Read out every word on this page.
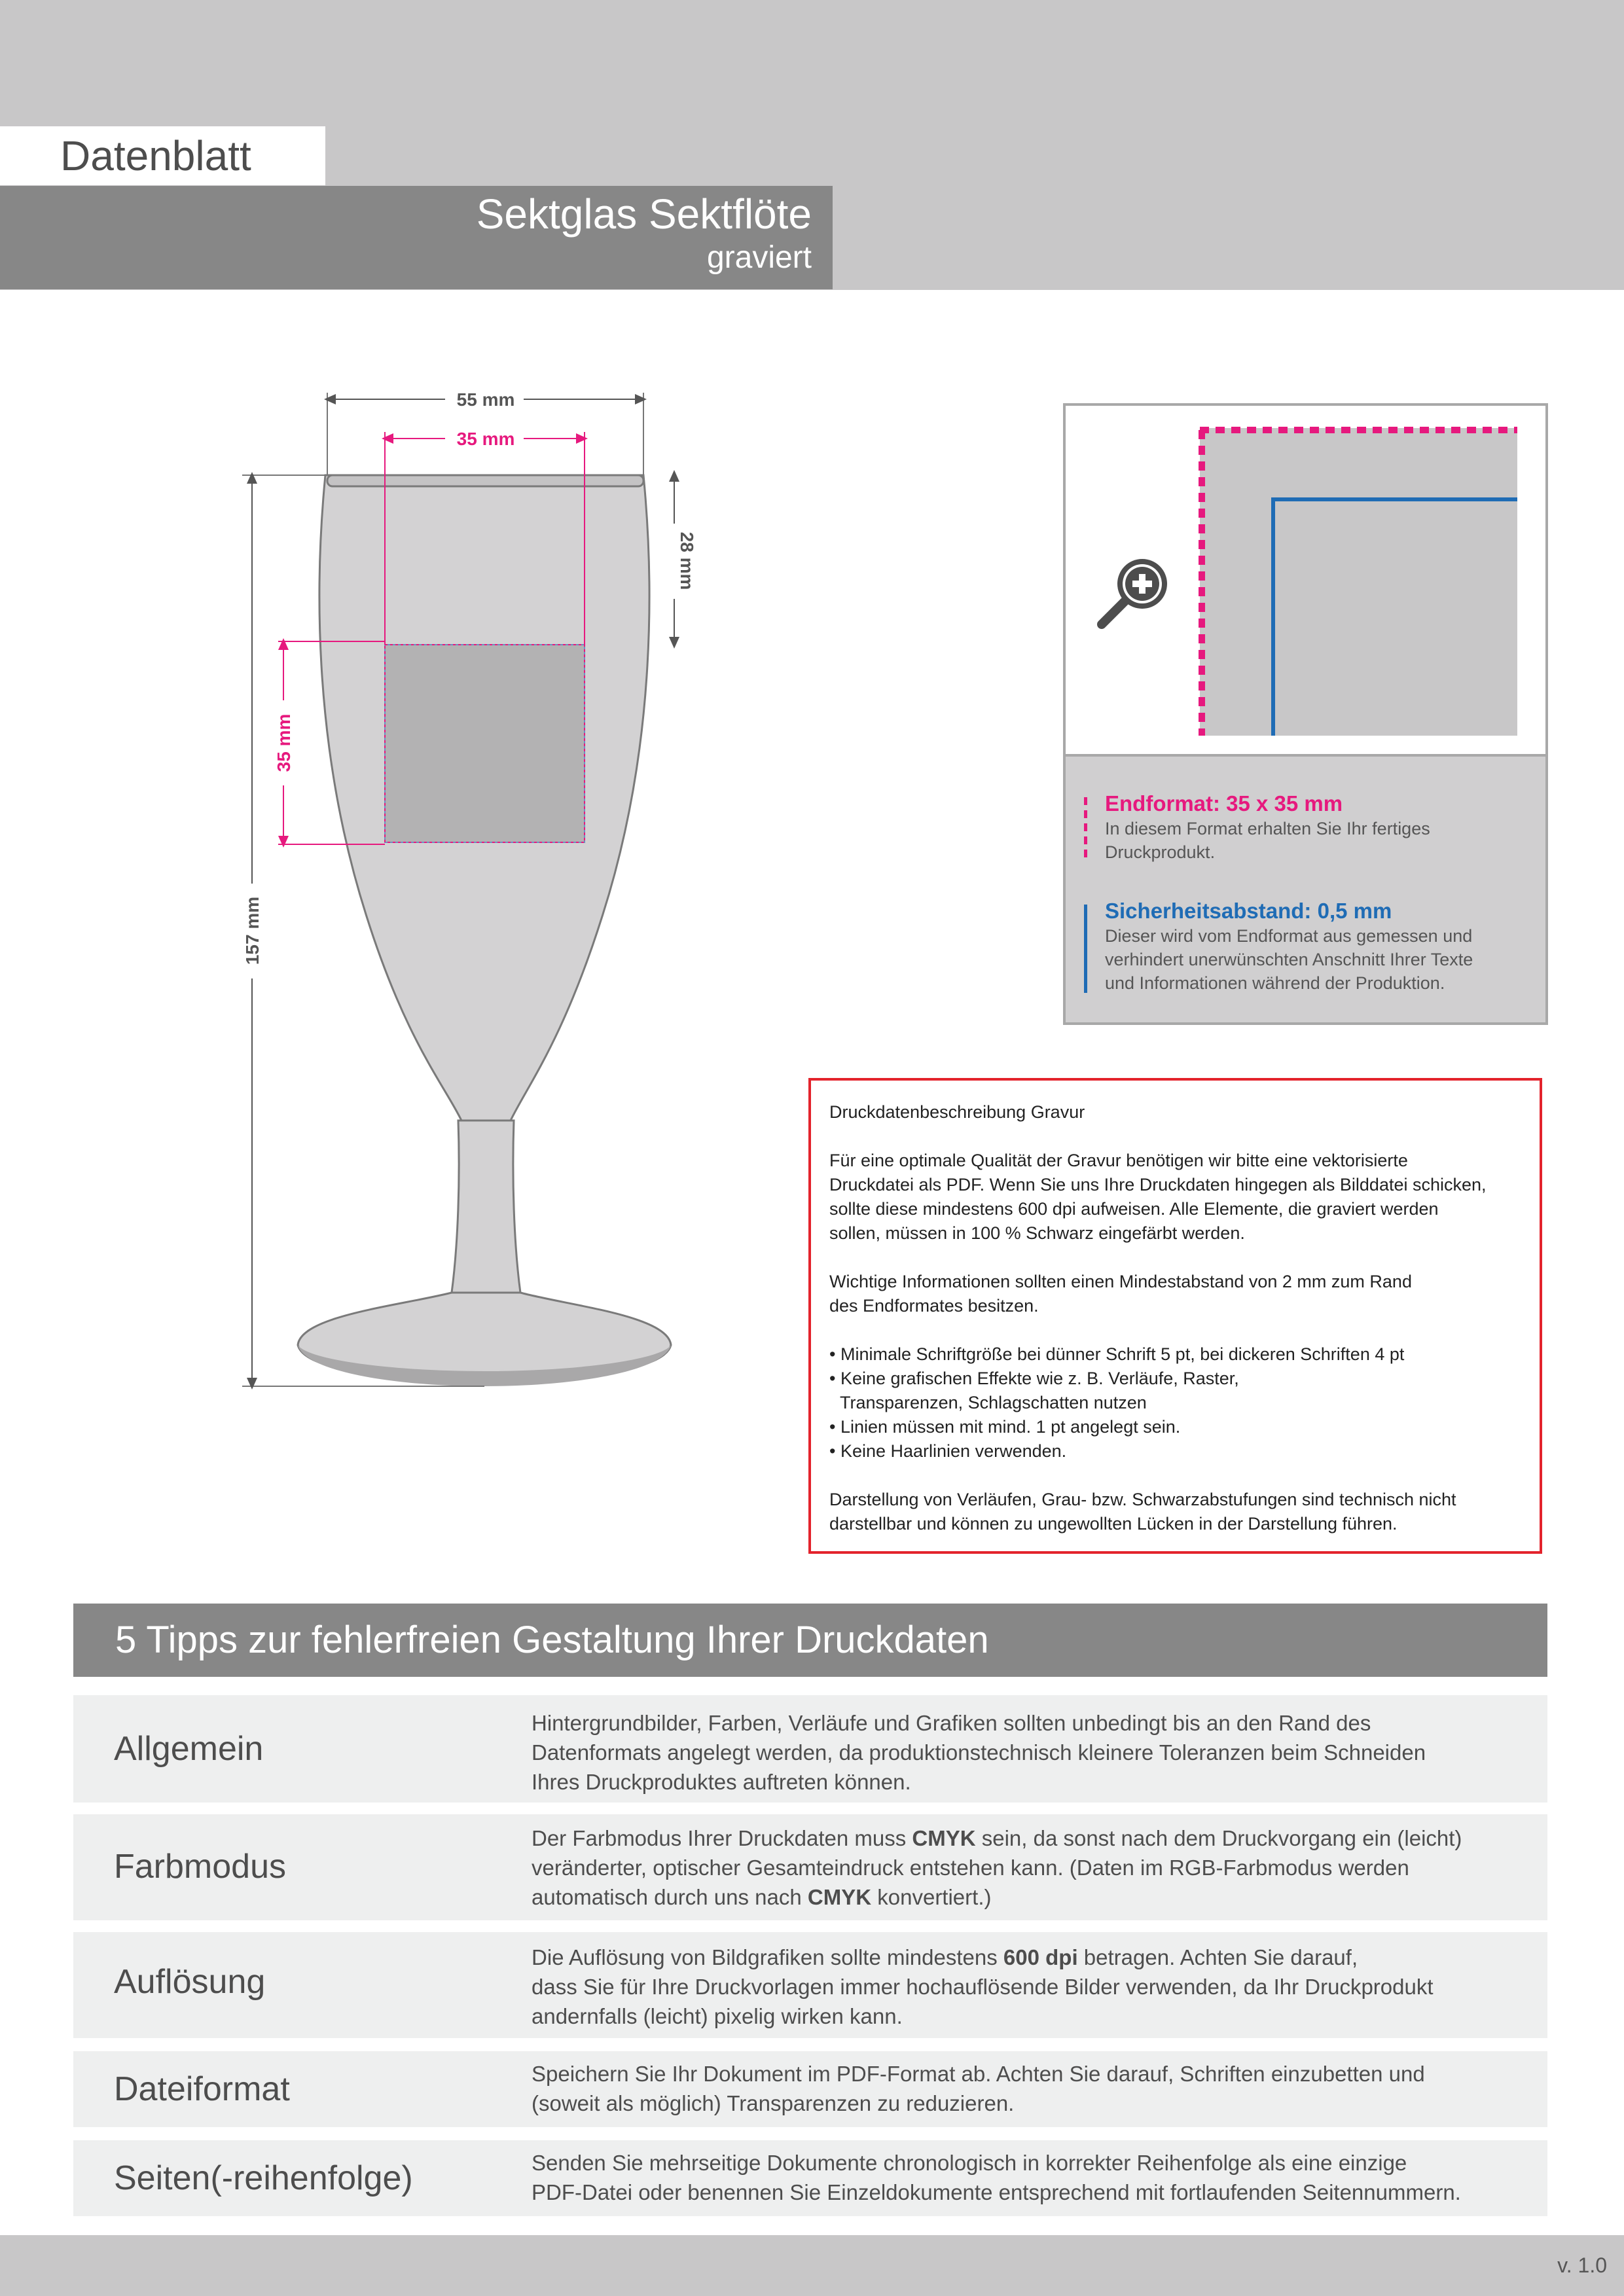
Datenblatt
Sektglas Sektflöte
graviert
55 mm
35 mm
35 mm
28 mm
157 mm
Endformat: 35 x 35 mm
In diesem Format erhalten Sie Ihr fertiges
Druckprodukt.
Sicherheitsabstand: 0,5 mm
Dieser wird vom Endformat aus gemessen und
verhindert unerwünschten Anschnitt Ihrer Texte
und Informationen während der Produktion.

Druckdatenbeschreibung Gravur

Für eine optimale Qualität der Gravur benötigen wir bitte eine vektorisierte

Druckdatei als PDF. Wenn Sie uns Ihre Druckdaten hingegen als Bilddatei schicken,

sollte diese mindestens 600 dpi aufweisen. Alle Elemente, die graviert werden

sollen, müssen in 100 % Schwarz eingefärbt werden.

Wichtige Informationen sollten einen Mindestabstand von 2 mm zum Rand

des Endformates besitzen.

• Minimale Schriftgröße bei dünner Schrift 5 pt, bei dickeren Schriften 4 pt

• Keine grafischen Effekte wie z. B. Verläufe, Raster,

Transparenzen, Schlagschatten nutzen

• Linien müssen mit mind. 1 pt angelegt sein.

• Keine Haarlinien verwenden.

Darstellung von Verläufen, Grau- bzw. Schwarzabstufungen sind technisch nicht

darstellbar und können zu ungewollten Lücken in der Darstellung führen.

5 Tipps zur fehlerfreien Gestaltung Ihrer Druckdaten
Allgemein
Hintergrundbilder, Farben, Verläufe und Grafiken sollten unbedingt bis an den Rand des
Datenformats angelegt werden, da produktionstechnisch kleinere Toleranzen beim Schneiden
Ihres Druckproduktes auftreten können.
Farbmodus
Der Farbmodus Ihrer Druckdaten muss CMYK sein, da sonst nach dem Druckvorgang ein (leicht)
veränderter, optischer Gesamteindruck entstehen kann. (Daten im RGB-Farbmodus werden
automatisch durch uns nach CMYK konvertiert.)
Auflösung
Die Auflösung von Bildgrafiken sollte mindestens 600 dpi betragen. Achten Sie darauf,
dass Sie für Ihre Druckvorlagen immer hochauflösende Bilder verwenden, da Ihr Druckprodukt
andernfalls (leicht) pixelig wirken kann.
Dateiformat	Speichern Sie Ihr Dokument im PDF-Format ab. Achten Sie darauf, Schriften einzubetten und
(soweit als möglich) Transparenzen zu reduzieren.
Seiten(-reihenfolge)	Senden Sie mehrseitige Dokumente chronologisch in korrekter Reihenfolge als eine einzige
PDF-Datei oder benennen Sie Einzeldokumente entsprechend mit fortlaufenden Seitennummern.
v. 1.0
